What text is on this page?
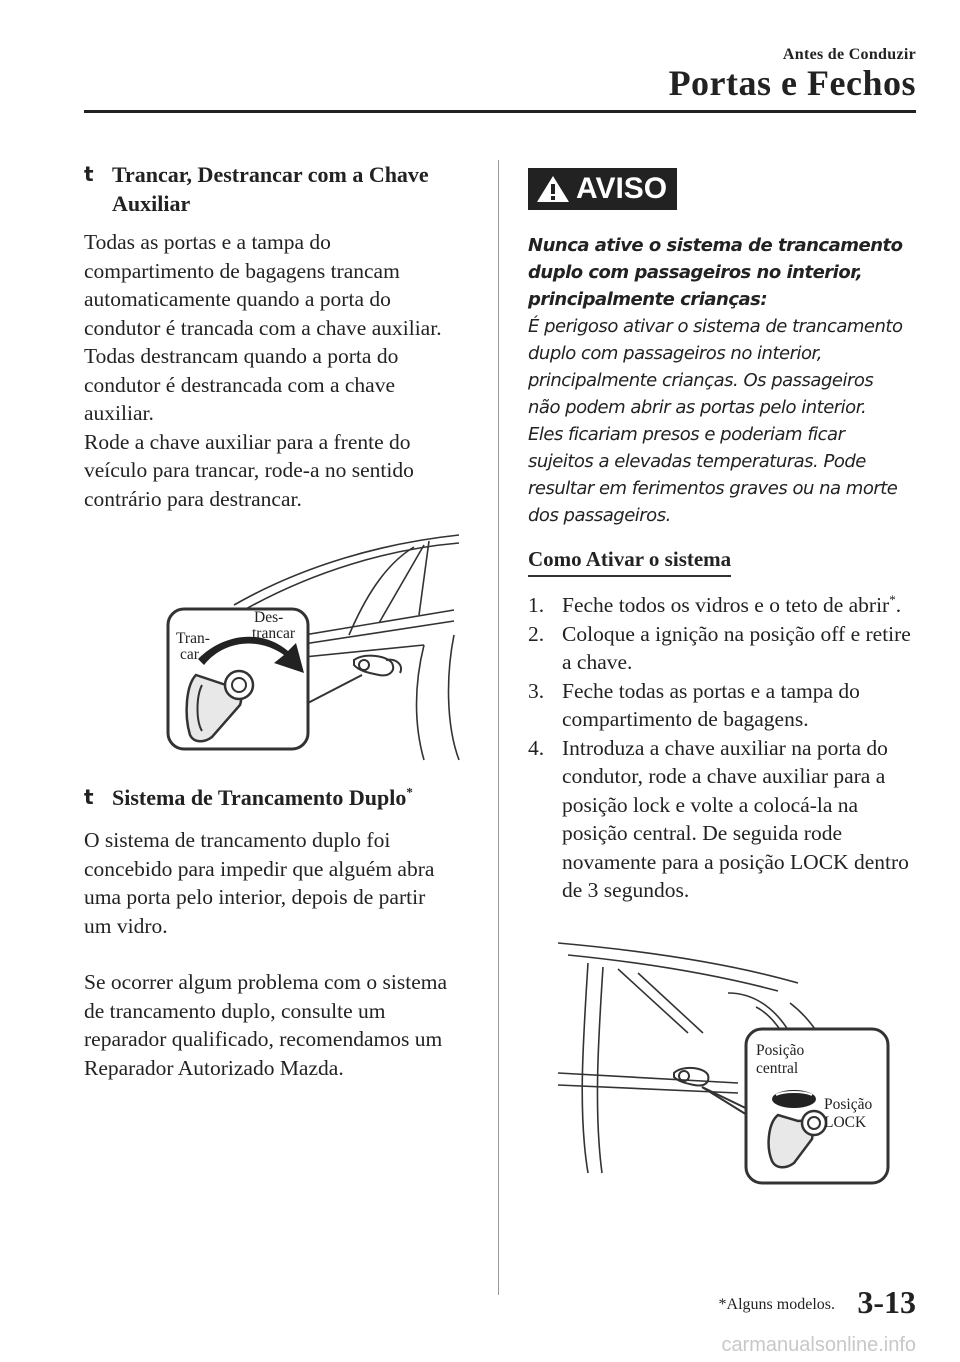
Antes de Conduzir
Portas e Fechos
t Trancar, Destrancar com a Chave Auxiliar

Todas as portas e a tampa do
compartimento de bagagens trancam
automaticamente quando a porta do
condutor é trancada com a chave auxiliar.
Todas destrancam quando a porta do
condutor é destrancada com a chave
auxiliar.
Rode a chave auxiliar para a frente do
veículo para trancar, rode-a no sentido
contrário para destrancar.

Tran- car
Des- trancar
t Sistema de Trancamento Duplo*

O sistema de trancamento duplo foi
concebido para impedir que alguém abra
uma porta pelo interior, depois de partir
um vidro.

Se ocorrer algum problema com o sistema
de trancamento duplo, consulte um
reparador qualificado, recomendamos um
Reparador Autorizado Mazda.

AVISO
Nunca ative o sistema de trancamento
duplo com passageiros no interior,
principalmente crianças:
É perigoso ativar o sistema de trancamento
duplo com passageiros no interior,
principalmente crianças. Os passageiros
não podem abrir as portas pelo interior.
Eles ficariam presos e poderiam ficar
sujeitos a elevadas temperaturas. Pode
resultar em ferimentos graves ou na morte
dos passageiros.
Como Ativar o sistema
1. Feche todos os vidros e o teto de abrir*.
2. Coloque a ignição na posição off e retire a chave.
3. Feche todas as portas e a tampa do compartimento de bagagens.
4. Introduza a chave auxiliar na porta do condutor, rode a chave auxiliar para a posição lock e volte a colocá-la na posição central. De seguida rode novamente para a posição LOCK dentro de 3 segundos.
Posição central
Posição LOCK
*Alguns modelos. 3-13
carmanualsonline.info
